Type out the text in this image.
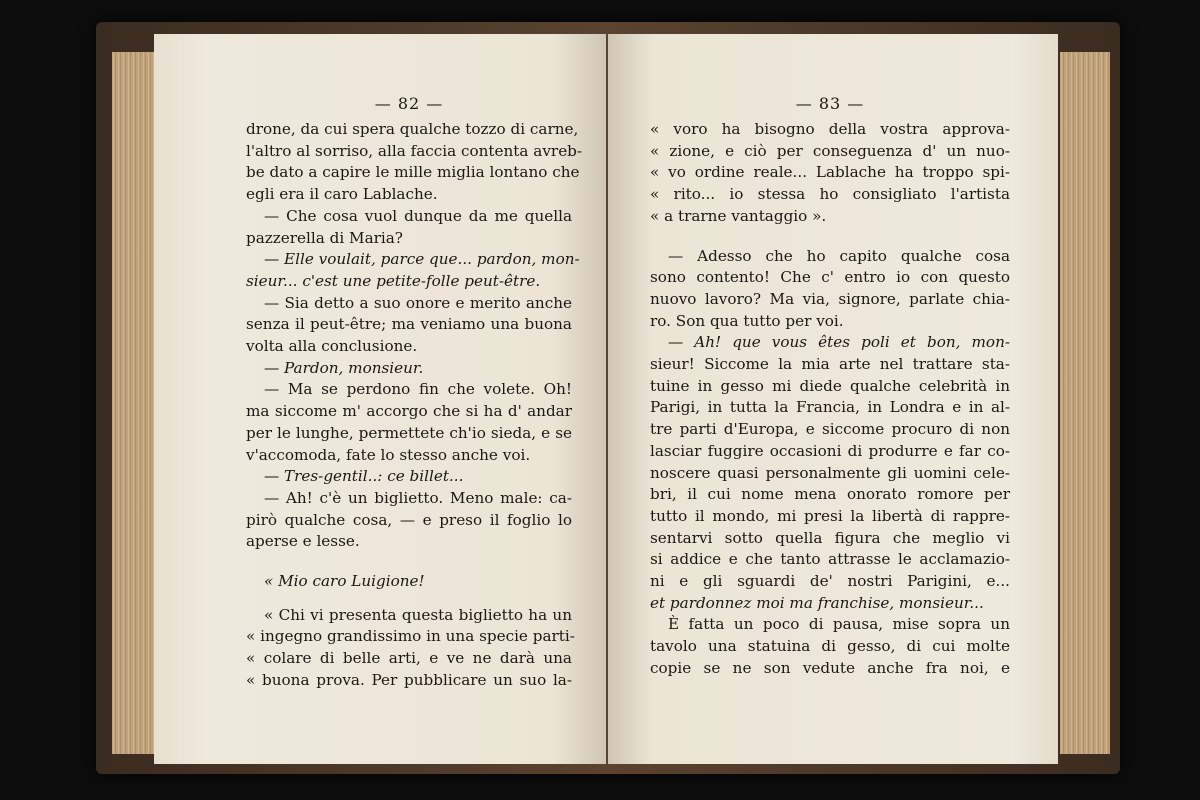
— 82 —
drone, da cui spera qualche tozzo di carne,
l'altro al sorriso, alla faccia contenta avreb-
be dato a capire le mille miglia lontano che
egli era il caro Lablache.
— Che cosa vuol dunque da me quella
pazzerella di Maria?
— Elle voulait, parce que... pardon, mon-
sieur... c'est une petite-folle peut-être.
— Sia detto a suo onore e merito anche
senza il peut-être; ma veniamo una buona
volta alla conclusione.
— Pardon, monsieur.
— Ma se perdono fin che volete. Oh!
ma siccome m' accorgo che si ha d' andar
per le lunghe, permettete ch'io sieda, e se
v'accomoda, fate lo stesso anche voi.
— Tres-gentil..: ce billet...
— Ah! c'è un biglietto. Meno male: ca-
pirò qualche cosa, — e preso il foglio lo
aperse e lesse.
« Mio caro Luigione!
« Chi vi presenta questa biglietto ha un
« ingegno grandissimo in una specie parti-
« colare di belle arti, e ve ne darà una
« buona prova. Per pubblicare un suo la-
— 83 —
« voro ha bisogno della vostra approva-
« zione, e ciò per conseguenza d' un nuo-
« vo ordine reale... Lablache ha troppo spi-
« rito... io stessa ho consigliato l'artista
« a trarne vantaggio ».
— Adesso che ho capito qualche cosa
sono contento! Che c' entro io con questo
nuovo lavoro? Ma via, signore, parlate chia-
ro. Son qua tutto per voi.
— Ah! que vous êtes poli et bon, mon-
sieur! Siccome la mia arte nel trattare sta-
tuine in gesso mi diede qualche celebrità in
Parigi, in tutta la Francia, in Londra e in al-
tre parti d'Europa, e siccome procuro di non
lasciar fuggire occasioni di produrre e far co-
noscere quasi personalmente gli uomini cele-
bri, il cui nome mena onorato romore per
tutto il mondo, mi presi la libertà di rappre-
sentarvi sotto quella figura che meglio vi
si addice e che tanto attrasse le acclamazio-
ni e gli sguardi de' nostri Parigini, e...
et pardonnez moi ma franchise, monsieur...
È fatta un poco di pausa, mise sopra un
tavolo una statuina di gesso, di cui molte
copie se ne son vedute anche fra noi, e
